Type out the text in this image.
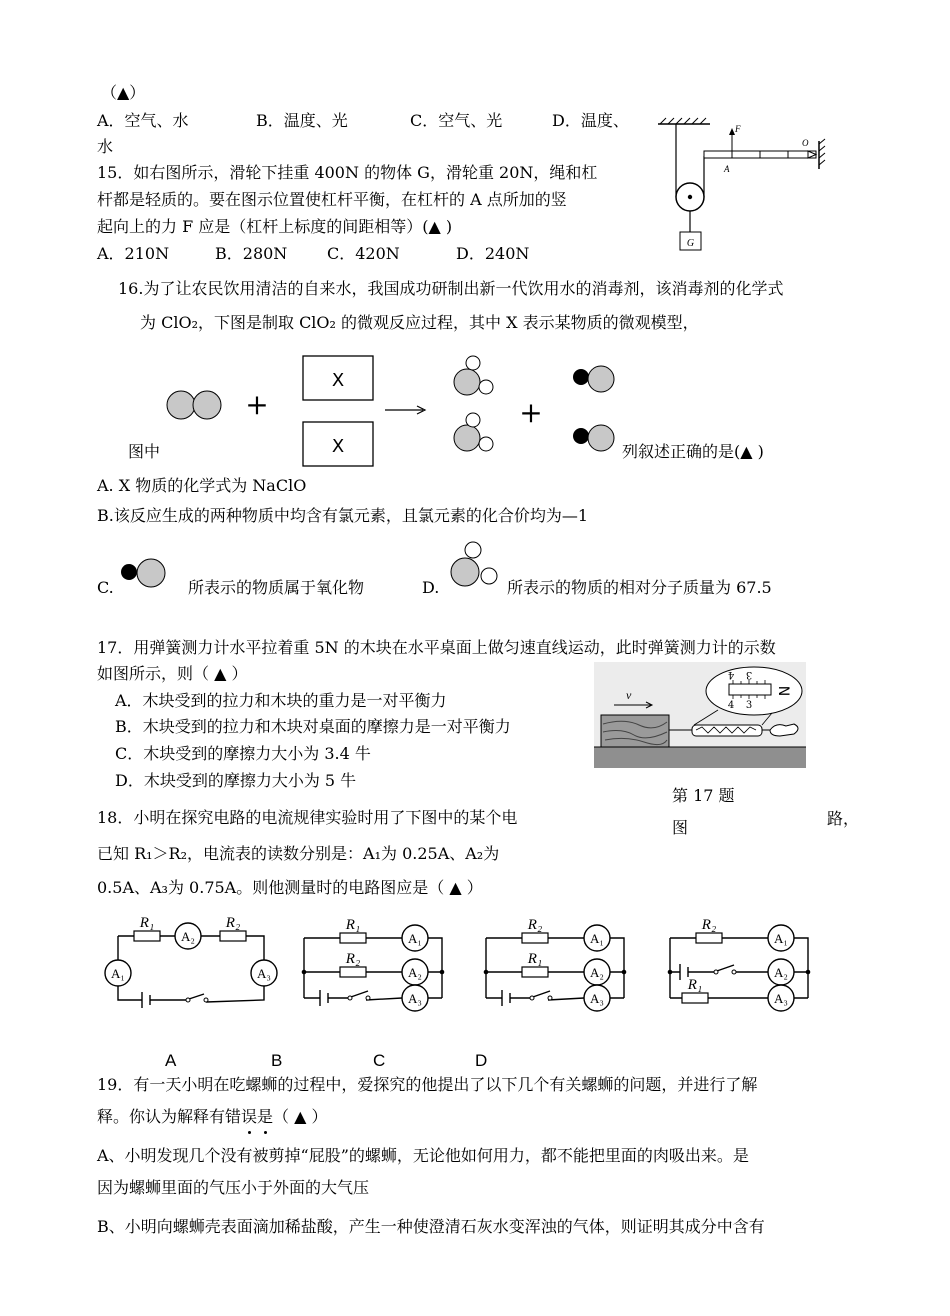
（▲）
A．空气、水	B．温度、光	C．空气、光	D．温度、
水
15．如右图所示，滑轮下挂重 400N 的物体 G，滑轮重 20N，绳和杠
杆都是轻质的。要在图示位置使杠杆平衡，在杠杆的 A 点所加的竖
起向上的力 F 应是（杠杆上标度的间距相等）(▲ )
A．210N	B．280N C．420N	D．240N
G
F
A
O
16.为了让农民饮用清洁的自来水，我国成功研制出新一代饮用水的消毒剂，该消毒剂的化学式
为 ClO₂，下图是制取 ClO₂ 的微观反应过程，其中 X 表示某物质的微观模型，
+
X
X
+
图中	列叙述正确的是(▲ )
A. X 物质的化学式为 NaClO
B.该反应生成的两种物质中均含有氯元素，且氯元素的化合价均为—1
C.	所表示的物质属于氧化物	D.	所表示的物质的相对分子质量为 67.5
17．用弹簧测力计水平拉着重 5N 的木块在水平桌面上做匀速直线运动，此时弹簧测力计的示数
如图所示，则（ ▲ ）
A．木块受到的拉力和木块的重力是一对平衡力
B．木块受到的拉力和木块对桌面的摩擦力是一对平衡力
C．木块受到的摩擦力大小为 3.4 牛
D．木块受到的摩擦力大小为 5 牛
v
4 3
3
4
N
第 17 题
18．小明在探究电路的电流规律实验时用了下图中的某个电
图	路，
已知 R₁＞R₂，电流表的读数分别是：A₁为 0.25A、A₂为
0.5A、A₃为 0.75A。则他测量时的电路图应是（ ▲ ）
R₁	R₂
A₂
A₁	A₃
R₁
R₂
A₁
A₂
A₃
R₂
R₁
A₁
A₂
A₃
R₂
R₁
A₁
A₂
A₃
A	B	C	D
19．有一天小明在吃螺蛳的过程中，爱探究的他提出了以下几个有关螺蛳的问题，并进行了解
释。你认为解释有错误是（ ▲ ）
A、小明发现几个没有被剪掉“屁股”的螺蛳，无论他如何用力，都不能把里面的肉吸出来。是
因为螺蛳里面的气压小于外面的大气压
B、小明向螺蛳壳表面滴加稀盐酸，产生一种使澄清石灰水变浑浊的气体，则证明其成分中含有
